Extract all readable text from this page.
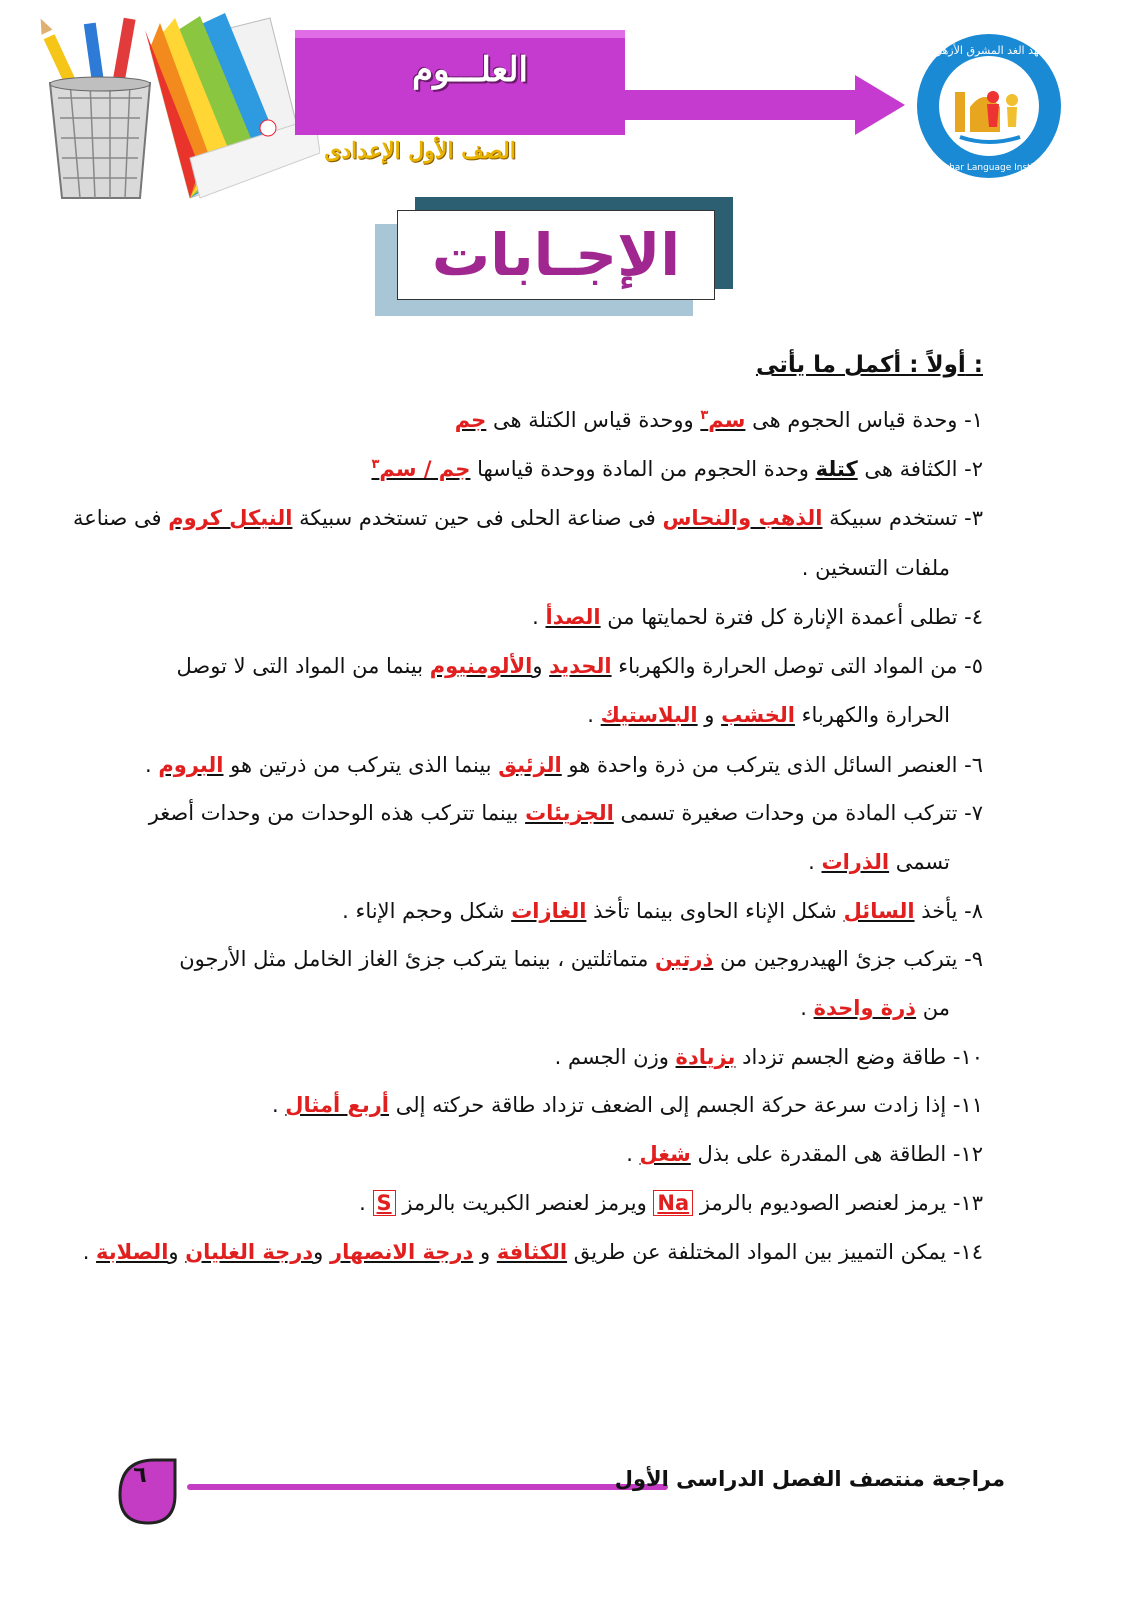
العلـــوم
الصف الأول الإعدادى
معهد الغد المشرق الأزهري
Al-Azhar Language Institute
الإجـابات
أولاً : أكمل ما يأتى :
١- وحدة قياس الحجوم هى سم$^٣$ ووحدة قياس الكتلة هى جم
٢- الكثافة هى كتلة وحدة الحجوم من المادة ووحدة قياسها جم / سم$^٣$
٣- تستخدم سبيكة الذهب والنحاس فى صناعة الحلى فى حين تستخدم سبيكة النيكل كروم فى صناعة
ملفات التسخين .
٤- تطلى أعمدة الإنارة كل فترة لحمايتها من الصدأ .
٥- من المواد التى توصل الحرارة والكهرباء الحديد والألومنيوم بينما من المواد التى لا توصل
الحرارة والكهرباء الخشب و البلاستيك .
٦- العنصر السائل الذى يتركب من ذرة واحدة هو الزئبق بينما الذى يتركب من ذرتين هو البروم .
٧- تتركب المادة من وحدات صغيرة تسمى الجزيئات بينما تتركب هذه الوحدات من وحدات أصغر
تسمى الذرات .
٨- يأخذ السائل شكل الإناء الحاوى بينما تأخذ الغازات شكل وحجم الإناء .
٩- يتركب جزئ الهيدروجين من ذرتين متماثلتين ، بينما يتركب جزئ الغاز الخامل مثل الأرجون
من ذرة واحدة .
١٠- طاقة وضع الجسم تزداد بزيادة وزن الجسم .
١١- إذا زادت سرعة حركة الجسم إلى الضعف تزداد طاقة حركته إلى أربع أمثال .
١٢- الطاقة هى المقدرة على بذل شغل .
١٣- يرمز لعنصر الصوديوم بالرمز Na ويرمز لعنصر الكبريت بالرمز S .
١٤- يمكن التمييز بين المواد المختلفة عن طريق الكثافة و درجة الانصهار ودرجة الغليان والصلابة .
٦	مراجعة منتصف الفصل الدراسى الأول
